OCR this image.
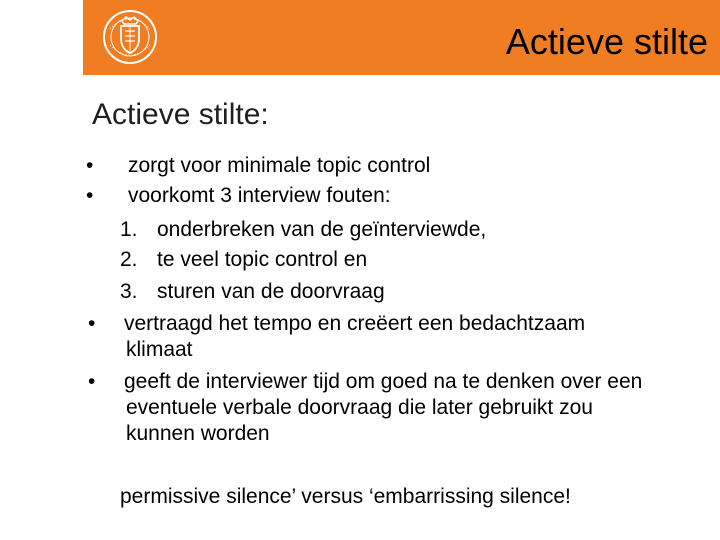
Actieve stilte
Actieve stilte:
• zorgt voor minimale topic control
• voorkomt 3 interview fouten:
1. onderbreken van de geïnterviewde,
2. te veel topic control en
3. sturen van de doorvraag
• vertraagd het tempo en creëert een bedachtzaam
klimaat
• geeft de interviewer tijd om goed na te denken over een
eventuele verbale doorvraag die later gebruikt zou
kunnen worden
permissive silence’ versus ‘embarrissing silence!
